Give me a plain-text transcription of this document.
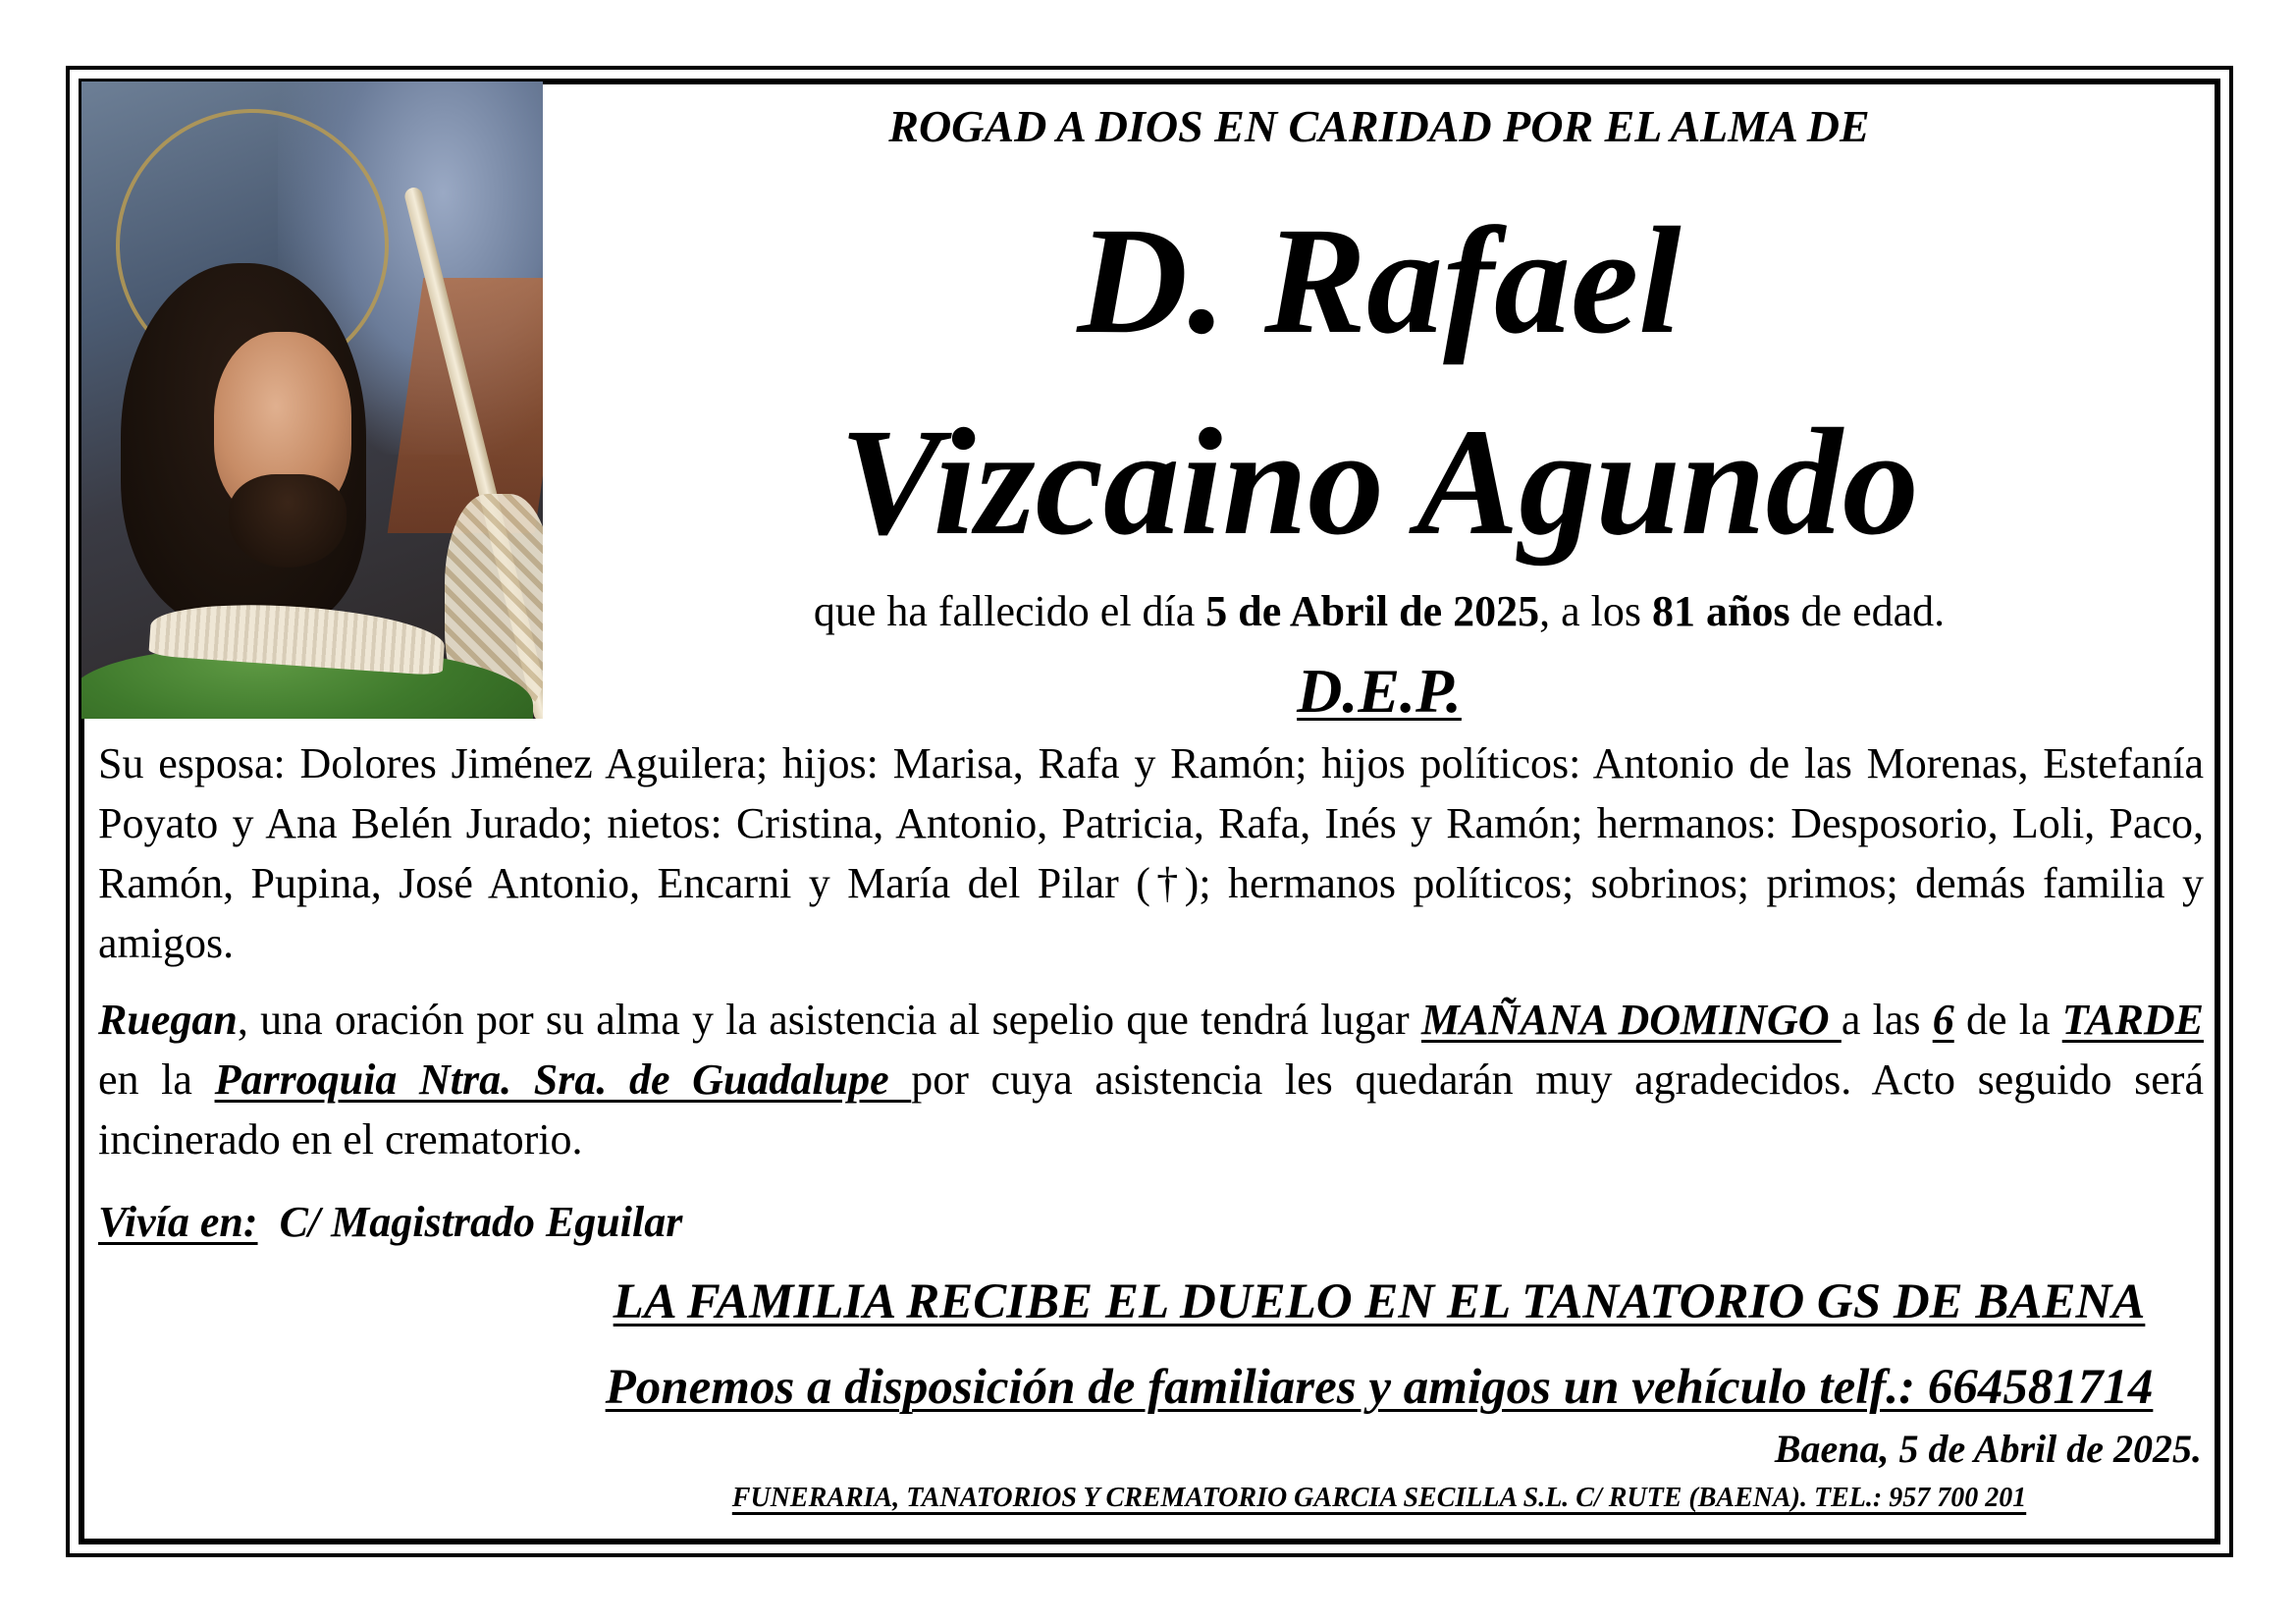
ROGAD A DIOS EN CARIDAD POR EL ALMA DE
D. Rafael
Vizcaino Agundo
que ha fallecido el día 5 de Abril de 2025, a los 81 años de edad.
D.E.P.
Su esposa: Dolores Jiménez Aguilera; hijos: Marisa, Rafa y Ramón; hijos políticos: Antonio de las Morenas, Estefanía Poyato y Ana Belén Jurado; nietos: Cristina, Antonio, Patricia, Rafa, Inés y Ramón; hermanos: Desposorio, Loli, Paco, Ramón, Pupina, José Antonio, Encarni y María del Pilar (†); hermanos políticos; sobrinos; primos; demás familia y amigos.
Ruegan, una oración por su alma y la asistencia al sepelio que tendrá lugar MAÑANA DOMINGO a las 6 de la TARDE en la Parroquia Ntra. Sra. de Guadalupe por cuya asistencia les quedarán muy agradecidos. Acto seguido será incinerado en el crematorio.
Vivía en: C/ Magistrado Eguilar
LA FAMILIA RECIBE EL DUELO EN EL TANATORIO GS DE BAENA
Ponemos a disposición de familiares y amigos un vehículo telf.: 664581714
Baena, 5 de Abril de 2025.
FUNERARIA, TANATORIOS Y CREMATORIO GARCIA SECILLA S.L. C/ RUTE (BAENA). TEL.: 957 700 201
